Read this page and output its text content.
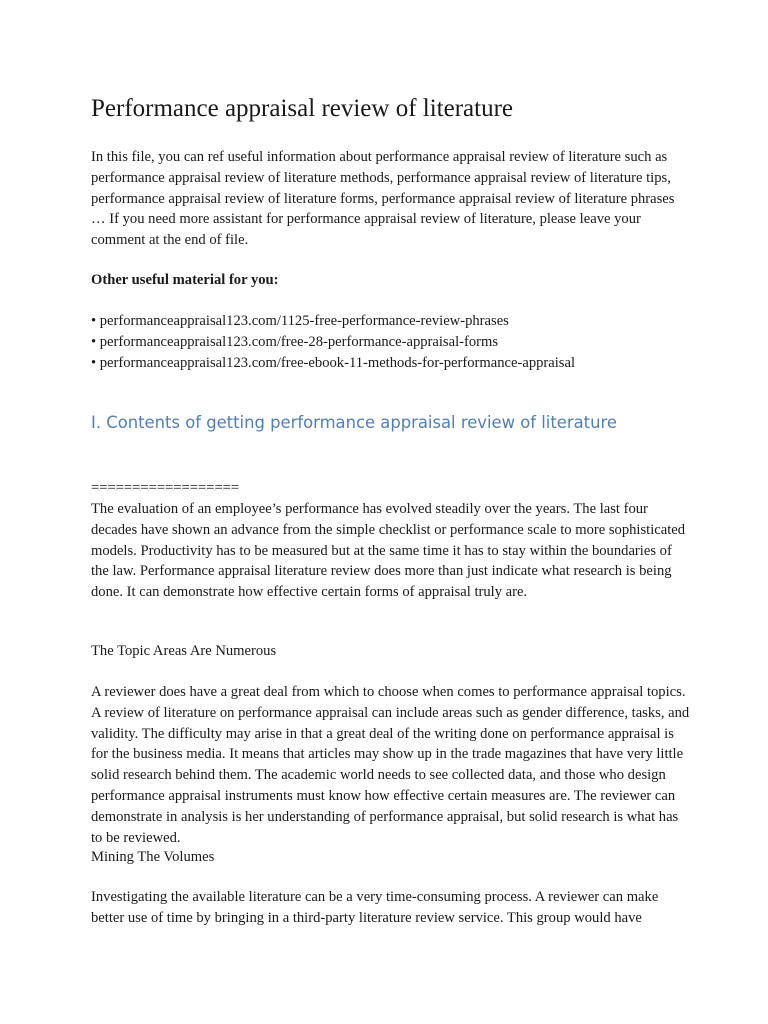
Performance appraisal review of literature

In this file, you can ref useful information about performance appraisal review of literature such as performance appraisal review of literature methods, performance appraisal review of literature tips, performance appraisal review of literature forms, performance appraisal review of literature phrases … If you need more assistant for performance appraisal review of literature, please leave your comment at the end of file.

Other useful material for you:

• performanceappraisal123.com/1125-free-performance-review-phrases
• performanceappraisal123.com/free-28-performance-appraisal-forms
• performanceappraisal123.com/free-ebook-11-methods-for-performance-appraisal
I. Contents of getting performance appraisal review of literature

==================

The evaluation of an employee’s performance has evolved steadily over the years. The last four decades have shown an advance from the simple checklist or performance scale to more sophisticated models. Productivity has to be measured but at the same time it has to stay within the boundaries of the law. Performance appraisal literature review does more than just indicate what research is being done. It can demonstrate how effective certain forms of appraisal truly are.

The Topic Areas Are Numerous

A reviewer does have a great deal from which to choose when comes to performance appraisal topics. A review of literature on performance appraisal can include areas such as gender difference, tasks, and validity. The difficulty may arise in that a great deal of the writing done on performance appraisal is for the business media. It means that articles may show up in the trade magazines that have very little solid research behind them. The academic world needs to see collected data, and those who design performance appraisal instruments must know how effective certain measures are. The reviewer can demonstrate in analysis is her understanding of performance appraisal, but solid research is what has to be reviewed.

Mining The Volumes

Investigating the available literature can be a very time-consuming process. A reviewer can make better use of time by bringing in a third-party literature review service. This group would have
